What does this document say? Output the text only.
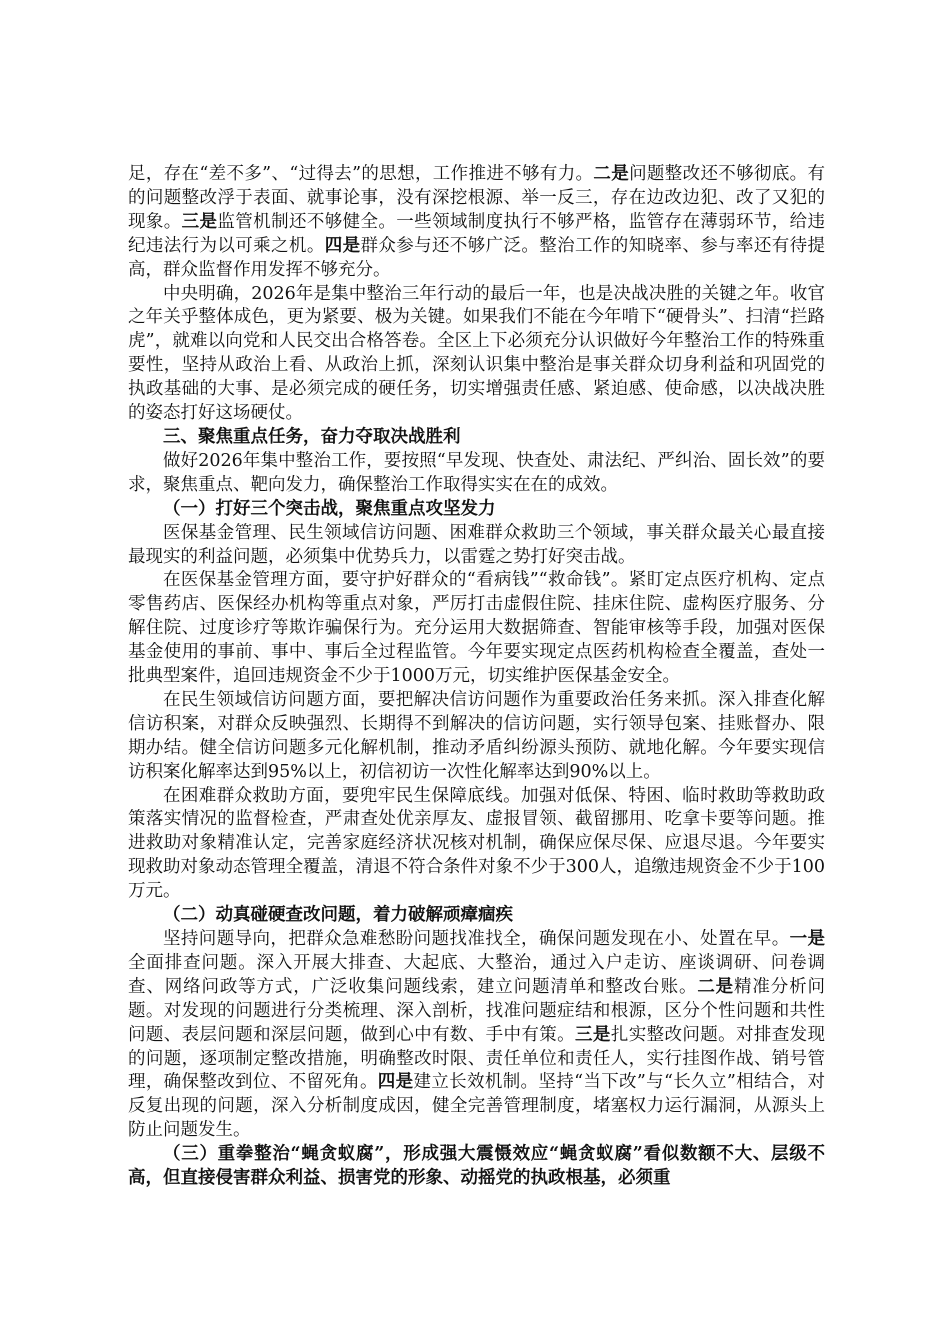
足，存在“差不多”、“过得去”的思想，工作推进不够有力。二是问题整改还不够彻底。有的问题整改浮于表面、就事论事，没有深挖根源、举一反三，存在边改边犯、改了又犯的现象。三是监管机制还不够健全。一些领域制度执行不够严格，监管存在薄弱环节，给违纪违法行为以可乘之机。四是群众参与还不够广泛。整治工作的知晓率、参与率还有待提高，群众监督作用发挥不够充分。

中央明确，2026年是集中整治三年行动的最后一年，也是决战决胜的关键之年。收官之年关乎整体成色，更为紧要、极为关键。如果我们不能在今年啃下“硬骨头”、扫清“拦路虎”，就难以向党和人民交出合格答卷。全区上下必须充分认识做好今年整治工作的特殊重要性，坚持从政治上看、从政治上抓，深刻认识集中整治是事关群众切身利益和巩固党的执政基础的大事、是必须完成的硬任务，切实增强责任感、紧迫感、使命感，以决战决胜的姿态打好这场硬仗。

三、聚焦重点任务，奋力夺取决战胜利

做好2026年集中整治工作，要按照“早发现、快查处、肃法纪、严纠治、固长效”的要求，聚焦重点、靶向发力，确保整治工作取得实实在在的成效。

（一）打好三个突击战，聚焦重点攻坚发力

医保基金管理、民生领域信访问题、困难群众救助三个领域，事关群众最关心最直接最现实的利益问题，必须集中优势兵力，以雷霆之势打好突击战。

在医保基金管理方面，要守护好群众的“看病钱”“救命钱”。紧盯定点医疗机构、定点零售药店、医保经办机构等重点对象，严厉打击虚假住院、挂床住院、虚构医疗服务、分解住院、过度诊疗等欺诈骗保行为。充分运用大数据筛查、智能审核等手段，加强对医保基金使用的事前、事中、事后全过程监管。今年要实现定点医药机构检查全覆盖，查处一批典型案件，追回违规资金不少于1000万元，切实维护医保基金安全。

在民生领域信访问题方面，要把解决信访问题作为重要政治任务来抓。深入排查化解信访积案，对群众反映强烈、长期得不到解决的信访问题，实行领导包案、挂账督办、限期办结。健全信访问题多元化解机制，推动矛盾纠纷源头预防、就地化解。今年要实现信访积案化解率达到95%以上，初信初访一次性化解率达到90%以上。

在困难群众救助方面，要兜牢民生保障底线。加强对低保、特困、临时救助等救助政策落实情况的监督检查，严肃查处优亲厚友、虚报冒领、截留挪用、吃拿卡要等问题。推进救助对象精准认定，完善家庭经济状况核对机制，确保应保尽保、应退尽退。今年要实现救助对象动态管理全覆盖，清退不符合条件对象不少于300人，追缴违规资金不少于100万元。

（二）动真碰硬查改问题，着力破解顽瘴痼疾

坚持问题导向，把群众急难愁盼问题找准找全，确保问题发现在小、处置在早。一是全面排查问题。深入开展大排查、大起底、大整治，通过入户走访、座谈调研、问卷调查、网络问政等方式，广泛收集问题线索，建立问题清单和整改台账。二是精准分析问题。对发现的问题进行分类梳理、深入剖析，找准问题症结和根源，区分个性问题和共性问题、表层问题和深层问题，做到心中有数、手中有策。三是扎实整改问题。对排查发现的问题，逐项制定整改措施，明确整改时限、责任单位和责任人，实行挂图作战、销号管理，确保整改到位、不留死角。四是建立长效机制。坚持“当下改”与“长久立”相结合，对反复出现的问题，深入分析制度成因，健全完善管理制度，堵塞权力运行漏洞，从源头上防止问题发生。

（三）重拳整治“蝇贪蚁腐”，形成强大震慑效应“蝇贪蚁腐”看似数额不大、层级不高，但直接侵害群众利益、损害党的形象、动摇党的执政根基，必须重
